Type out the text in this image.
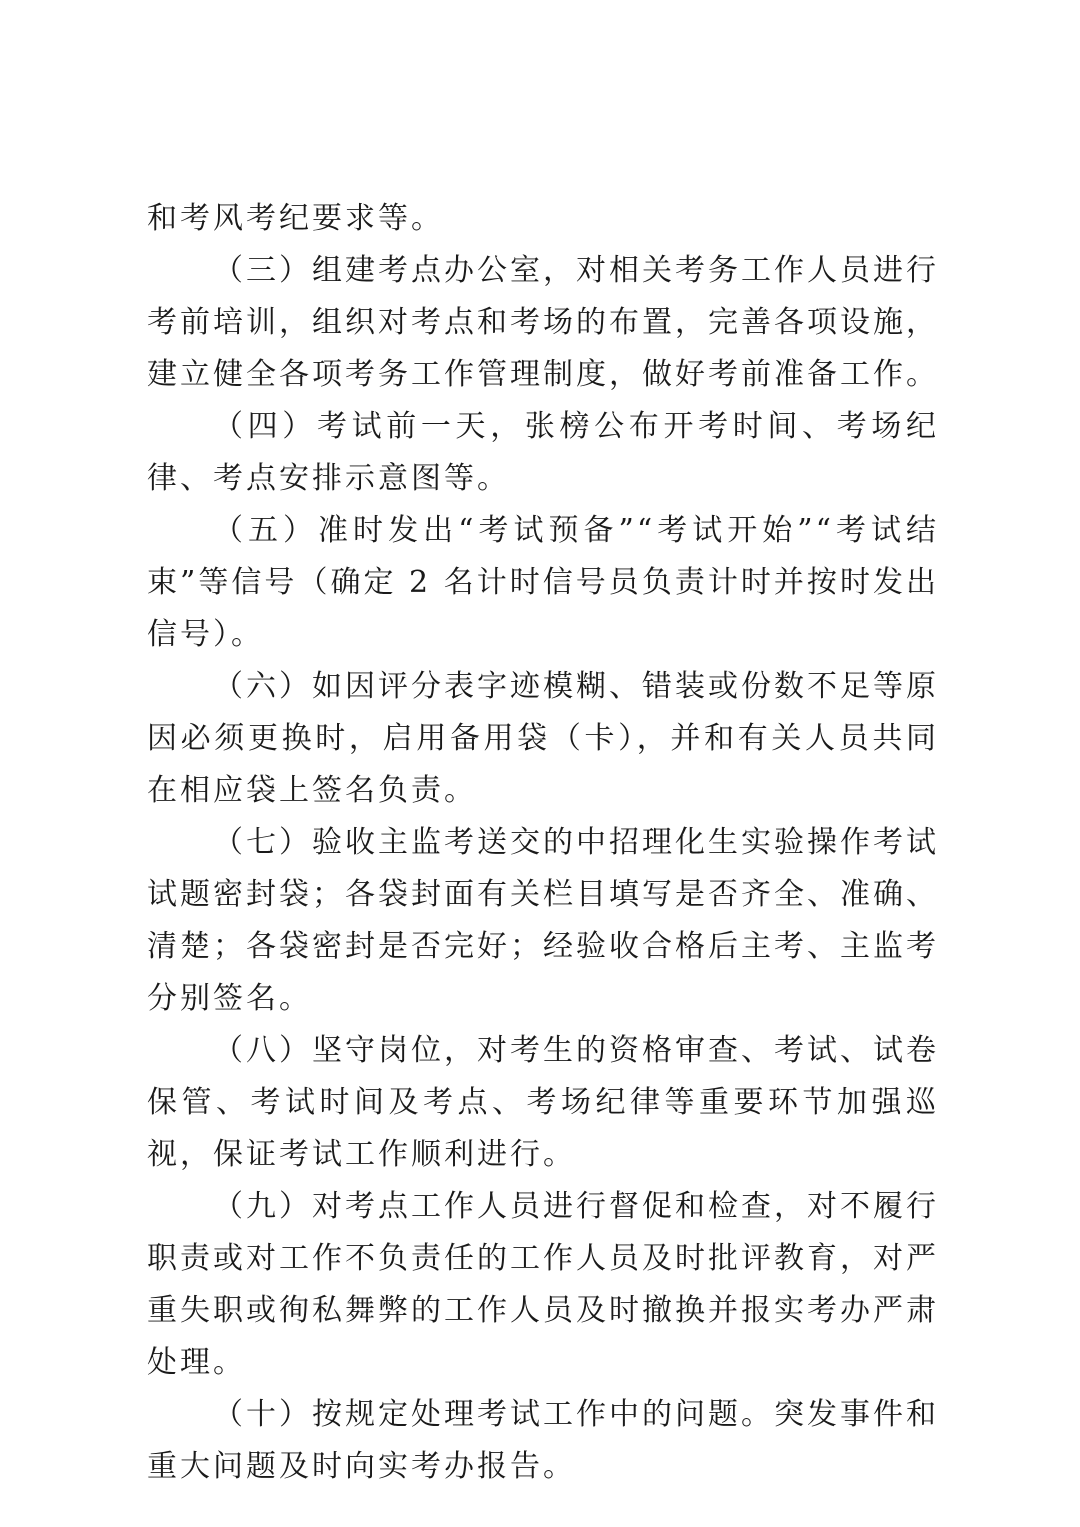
和考风考纪要求等。

（三）组建考点办公室，对相关考务工作人员进行考前培训，组织对考点和考场的布置，完善各项设施，建立健全各项考务工作管理制度，做好考前准备工作。

（四）考试前一天，张榜公布开考时间、考场纪律、考点安排示意图等。

（五）准时发出“考试预备”“考试开始”“考试结束”等信号（确定 2 名计时信号员负责计时并按时发出信号）。

（六）如因评分表字迹模糊、错装或份数不足等原因必须更换时，启用备用袋（卡），并和有关人员共同在相应袋上签名负责。

（七）验收主监考送交的中招理化生实验操作考试试题密封袋；各袋封面有关栏目填写是否齐全、准确、清楚；各袋密封是否完好；经验收合格后主考、主监考分别签名。

（八）坚守岗位，对考生的资格审查、考试、试卷保管、考试时间及考点、考场纪律等重要环节加强巡视，保证考试工作顺利进行。

（九）对考点工作人员进行督促和检查，对不履行职责或对工作不负责任的工作人员及时批评教育，对严重失职或徇私舞弊的工作人员及时撤换并报实考办严肃处理。

（十）按规定处理考试工作中的问题。突发事件和重大问题及时向实考办报告。
